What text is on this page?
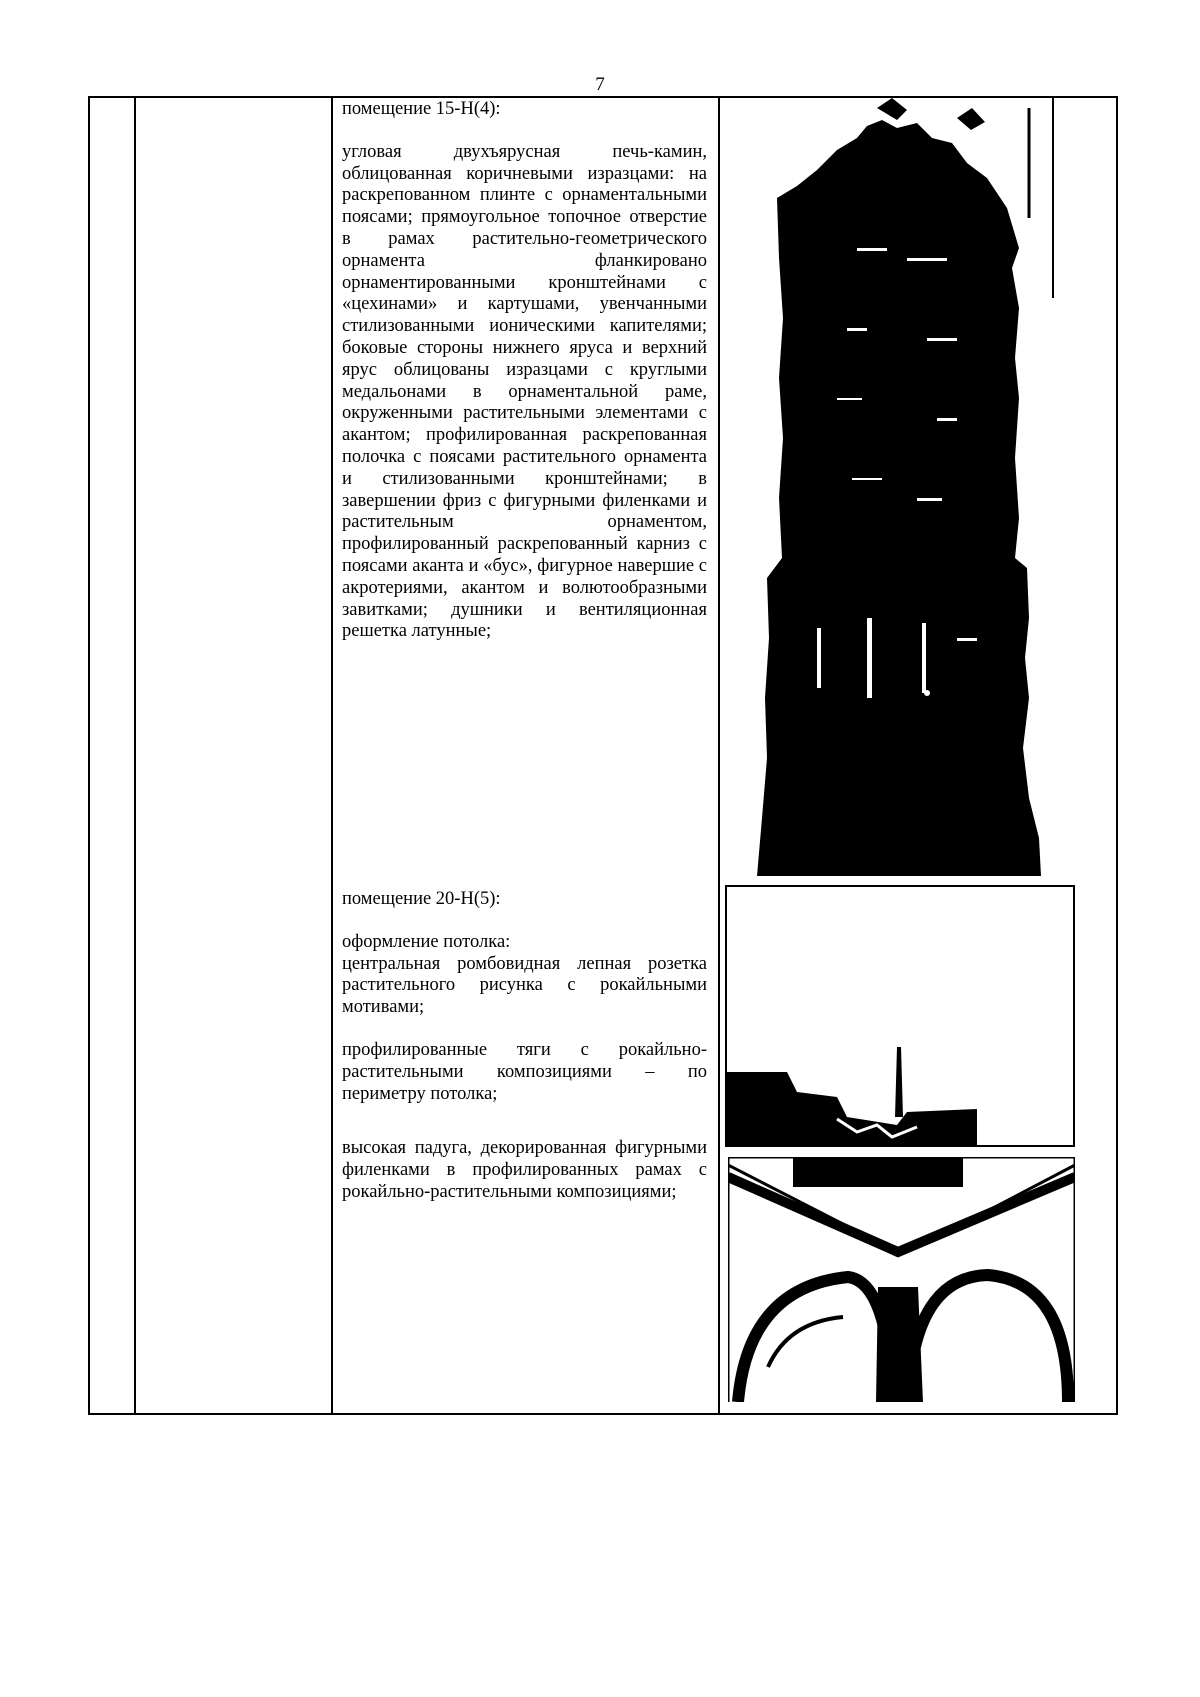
7

помещение 15-Н(4):

угловая двухъярусная печь-камин, облицованная коричневыми изразцами: на раскрепованном плинте с орнаментальными поясами; прямоугольное топочное отверстие в рамах растительно-геометрического орнамента фланкировано орнаментированными кронштейнами с «цехинами» и картушами, увенчанными стилизованными ионическими капителями; боковые стороны нижнего яруса и верхний ярус облицованы изразцами с круглыми медальонами в орнаментальной раме, окруженными растительными элементами с акантом; профилированная раскрепованная полочка с поясами растительного орнамента и стилизованными кронштейнами; в завершении фриз с фигурными филенками и растительным орнаментом, профилированный раскрепованный карниз с поясами аканта и «бус», фигурное навершие с акротериями, акантом и волютообразными завитками; душники и вентиляционная решетка латунные;

помещение 20-Н(5):

оформление потолка:

центральная ромбовидная лепная розетка растительного рисунка с рокайльными мотивами;

профилированные тяги с рокайльно-растительными композициями – по периметру потолка;

высокая падуга, декорированная фигурными филенками в профилированных рамах с рокайльно-растительными композициями;
